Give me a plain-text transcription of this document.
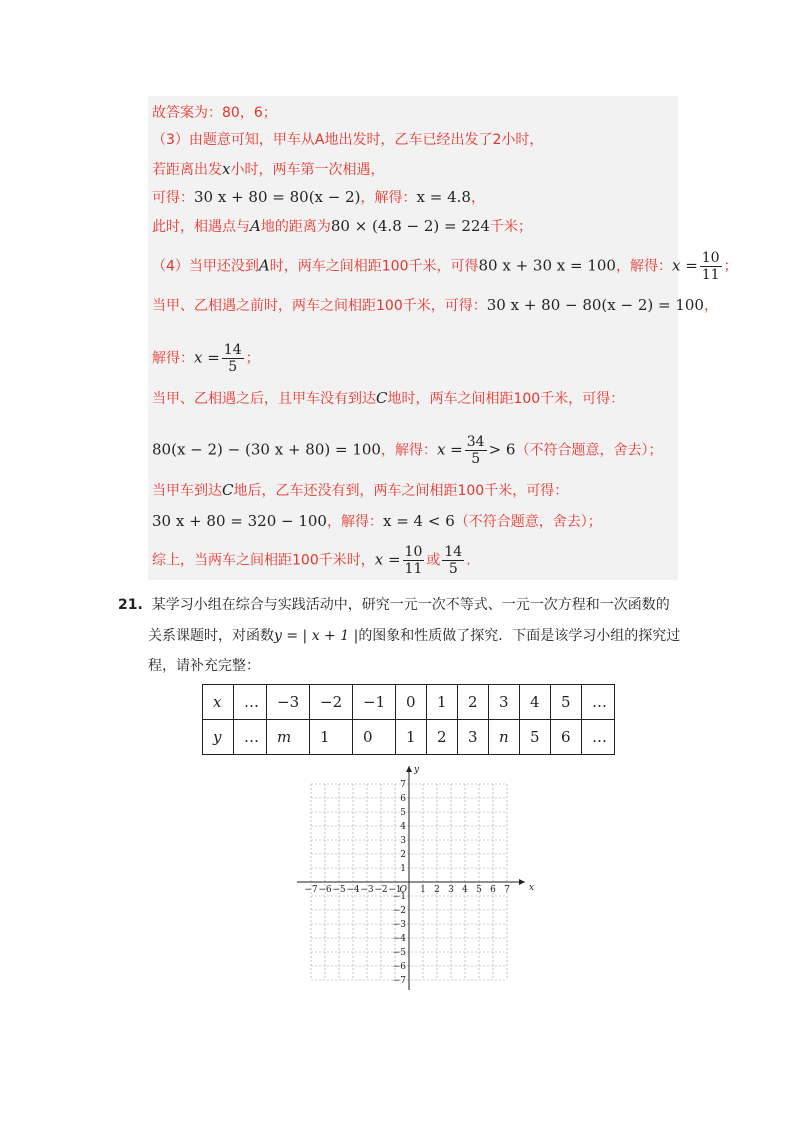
故答案为：80，6；
（3）由题意可知，甲车从A地出发时，乙车已经出发了2小时，
若距离出发x小时，两车第一次相遇，
可得：30 x + 80 = 80(x − 2)，解得：x = 4.8，
此时，相遇点与A地的距离为80 × (4.8 − 2) = 224千米；
（4）当甲还没到A时，两车之间相距100千米，可得80 x + 30 x = 100，解得：$x = \frac{10}{11}$ ；
当甲、乙相遇之前时，两车之间相距100千米，可得：30 x + 80 − 80(x − 2) = 100，
解得：$x = \frac{14}{5}$ ；
当甲、乙相遇之后，且甲车没有到达C地时，两车之间相距100千米，可得：
80(x − 2) − (30 x + 80) = 100，解得：$x = \frac{34}{5} > 6$（不符合题意，舍去）；
当甲车到达C地后，乙车还没有到，两车之间相距100千米，可得：
30 x + 80 = 320 − 100，解得：x = 4 < 6（不符合题意，舍去）；
综上，当两车之间相距100千米时，$x = \frac{10}{11}$ 或 $\frac{14}{5}$ .
21. 某学习小组在综合与实践活动中，研究一元一次不等式、一元一次方程和一次函数的
关系课题时，对函数y = | x + 1 |的图象和性质做了探究．下面是该学习小组的探究过
程，请补充完整：
x	…	−3	−2	−1	0	1	2	3	4	5	…
y	…	m	1	0	1	2	3	n	5	6	…
−7 −6 −5 −4 −3 −2 −1 1 2 3 4 5 6 7
7
6
5
4
3
2
1
−1
−2
−3
−4
−5
−6
−7
O	x
y
